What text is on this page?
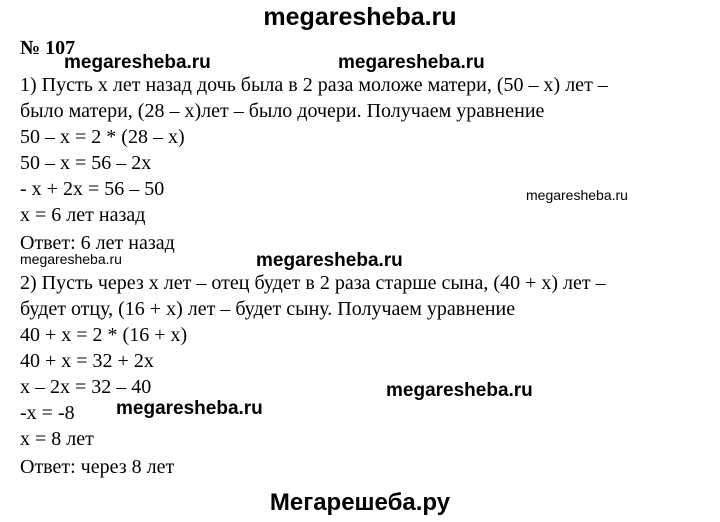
megaresheba.ru
№ 107
1) Пусть х лет назад дочь была в 2 раза моложе матери, (50 – х) лет –
было матери, (28 – х)лет – было дочери. Получаем уравнение
50 – х = 2 * (28 – х)
50 – х = 56 – 2х
- х + 2х = 56 – 50
х = 6 лет назад
Ответ: 6 лет назад
2) Пусть через х лет – отец будет в 2 раза старше сына, (40 + х) лет –
будет отцу, (16 + х) лет – будет сыну. Получаем уравнение
40 + х = 2 * (16 + х)
40 + х = 32 + 2х
х – 2х = 32 – 40
-х = -8
х = 8 лет
Ответ: через 8 лет
megaresheba.ru	megaresheba.ru
megaresheba.ru
megaresheba.ru	megaresheba.ru
megaresheba.ru
megaresheba.ru
Мегарешеба.ру
